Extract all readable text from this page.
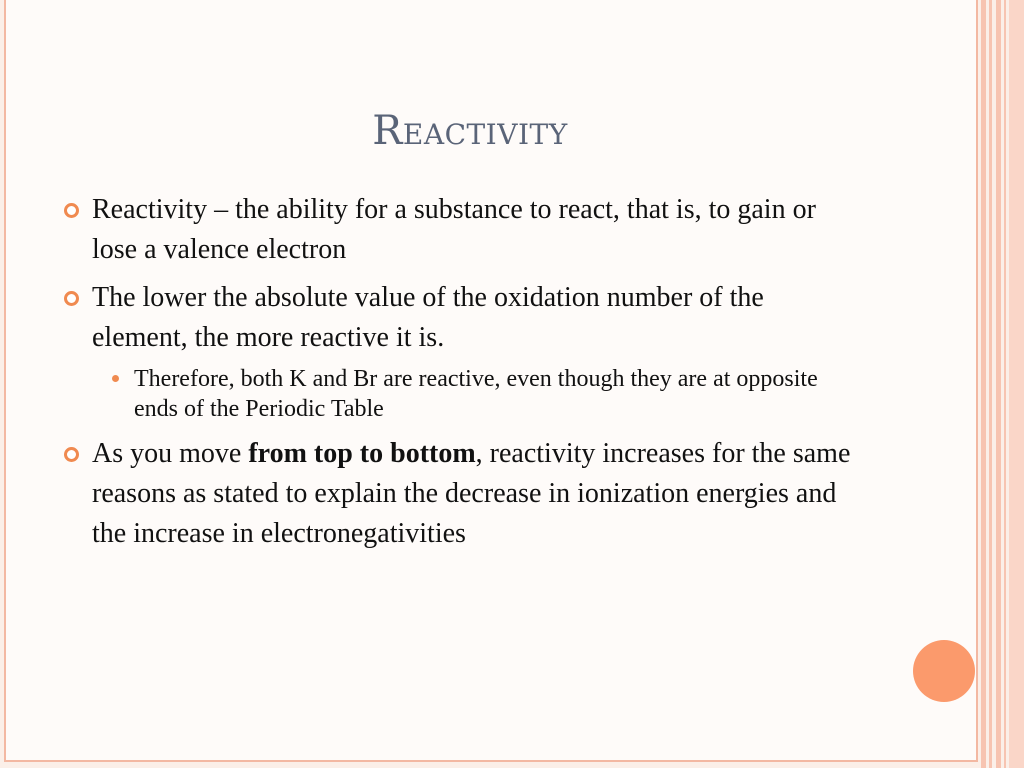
Reactivity
Reactivity – the ability for a substance to react, that is, to gain or lose a valence electron
The lower the absolute value of the oxidation number of the element, the more reactive it is.
Therefore, both K and Br are reactive, even though they are at opposite ends of the Periodic Table
As you move from top to bottom, reactivity increases for the same reasons as stated to explain the decrease in ionization energies and the increase in electronegativities
